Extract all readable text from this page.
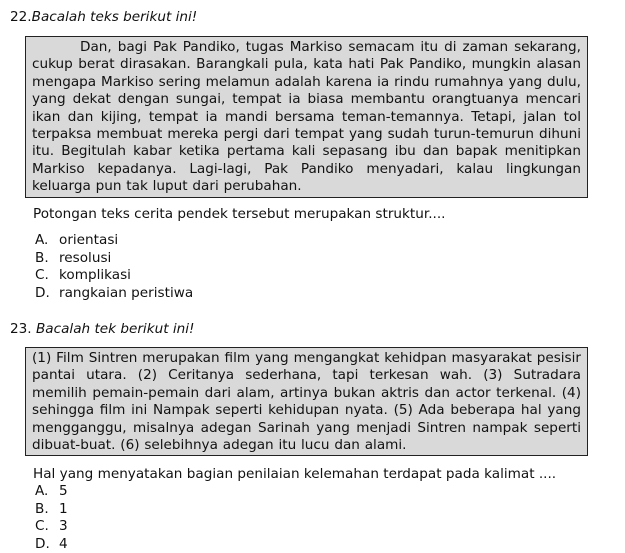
22.Bacalah teks berikut ini!
Dan, bagi Pak Pandiko, tugas Markiso semacam itu di zaman sekarang, cukup berat dirasakan. Barangkali pula, kata hati Pak Pandiko, mungkin alasan mengapa Markiso sering melamun adalah karena ia rindu rumahnya yang dulu, yang dekat dengan sungai, tempat ia biasa membantu orangtuanya mencari ikan dan kijing, tempat ia mandi bersama teman-temannya. Tetapi, jalan tol terpaksa membuat mereka pergi dari tempat yang sudah turun-temurun dihuni itu. Begitulah kabar ketika pertama kali sepasang ibu dan bapak menitipkan Markiso kepadanya. Lagi-lagi, Pak Pandiko menyadari, kalau lingkungan keluarga pun tak luput dari perubahan.
Potongan teks cerita pendek tersebut merupakan struktur....
A. orientasi
B. resolusi
C. komplikasi
D. rangkaian peristiwa
23. Bacalah tek berikut ini!
(1) Film Sintren merupakan film yang mengangkat kehidpan masyarakat pesisir pantai utara. (2) Ceritanya sederhana, tapi terkesan wah. (3) Sutradara memilih pemain-pemain dari alam, artinya bukan aktris dan actor terkenal. (4) sehingga film ini Nampak seperti kehidupan nyata. (5) Ada beberapa hal yang mengganggu, misalnya adegan Sarinah yang menjadi Sintren nampak seperti dibuat-buat. (6) selebihnya adegan itu lucu dan alami.
Hal yang menyatakan bagian penilaian kelemahan terdapat pada kalimat ....
A. 5
B. 1
C. 3
D. 4
